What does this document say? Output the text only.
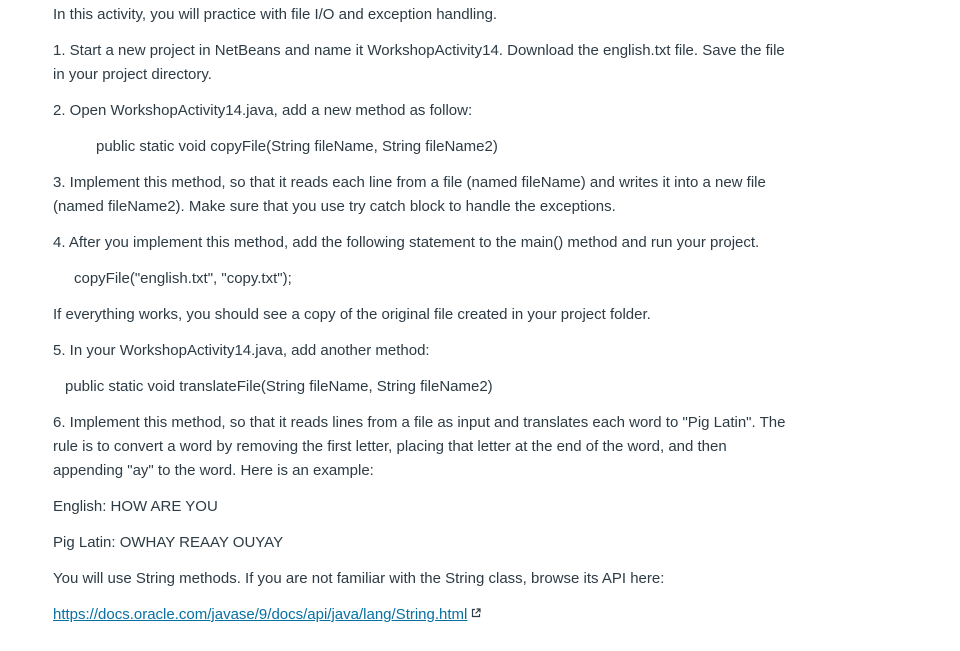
In this activity, you will practice with file I/O and exception handling.

1. Start a new project in NetBeans and name it WorkshopActivity14. Download the english.txt file. Save the file in your project directory.

2. Open WorkshopActivity14.java, add a new method as follow:

public static void copyFile(String fileName, String fileName2)

3. Implement this method, so that it reads each line from a file (named fileName) and writes it into a new file (named fileName2). Make sure that you use try catch block to handle the exceptions.

4. After you implement this method, add the following statement to the main() method and run your project.

copyFile("english.txt", "copy.txt");

If everything works, you should see a copy of the original file created in your project folder.

5. In your WorkshopActivity14.java, add another method:

public static void translateFile(String fileName, String fileName2)

6. Implement this method, so that it reads lines from a file as input and translates each word to "Pig Latin". The rule is to convert a word by removing the first letter, placing that letter at the end of the word, and then appending "ay" to the word. Here is an example:

English: HOW ARE YOU

Pig Latin: OWHAY REAAY OUYAY

You will use String methods. If you are not familiar with the String class, browse its API here:

https://docs.oracle.com/javase/9/docs/api/java/lang/String.html
